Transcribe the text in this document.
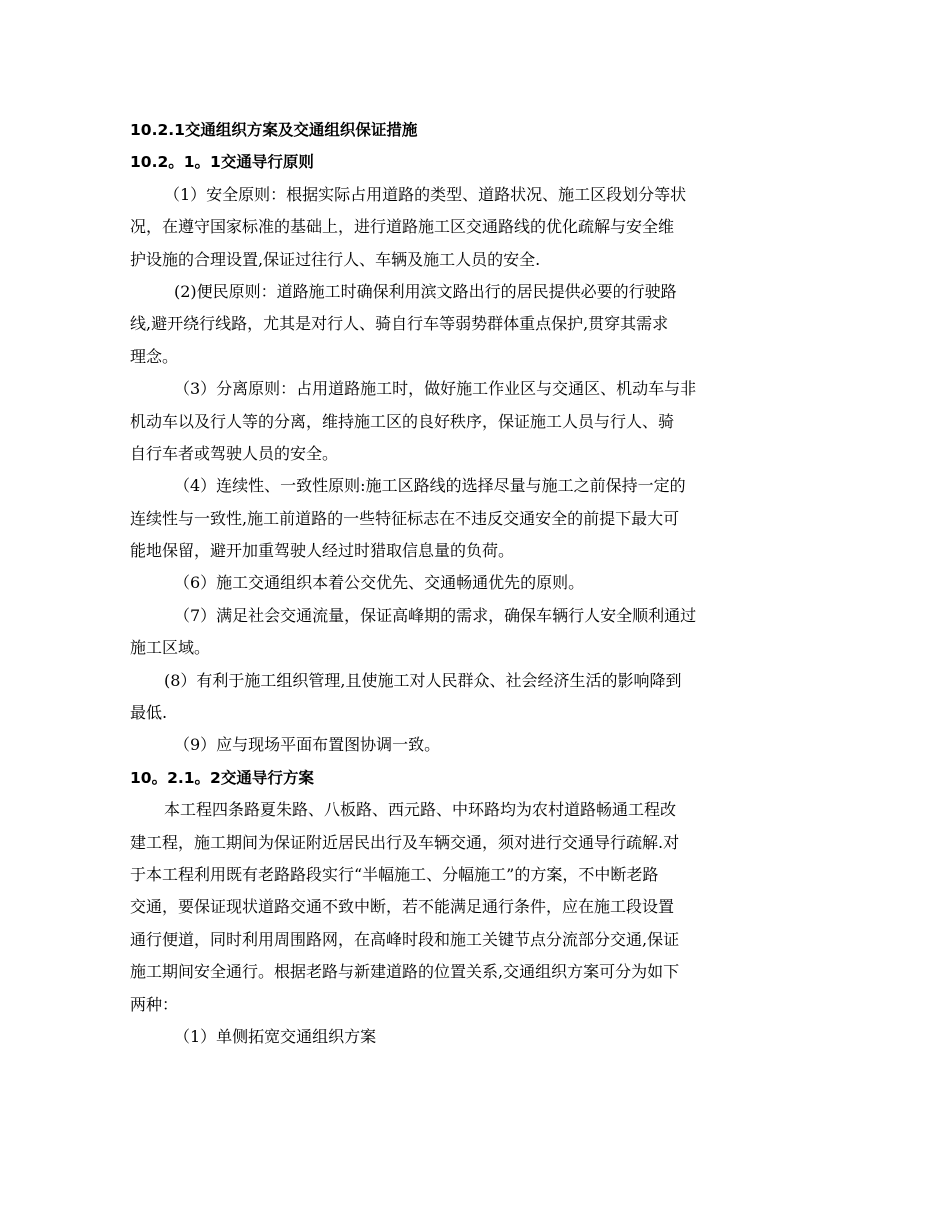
10.2.1交通组织方案及交通组织保证措施
10.2。1。1交通导行原则
（1）安全原则：根据实际占用道路的类型、道路状况、施工区段划分等状
况，在遵守国家标准的基础上，进行道路施工区交通路线的优化疏解与安全维
护设施的合理设置,保证过往行人、车辆及施工人员的安全.
(2)便民原则：道路施工时确保利用滨文路出行的居民提供必要的行驶路
线,避开绕行线路，尤其是对行人、骑自行车等弱势群体重点保护,贯穿其需求
理念。
（3）分离原则：占用道路施工时，做好施工作业区与交通区、机动车与非
机动车以及行人等的分离，维持施工区的良好秩序，保证施工人员与行人、骑
自行车者或驾驶人员的安全。
（4）连续性、一致性原则:施工区路线的选择尽量与施工之前保持一定的
连续性与一致性,施工前道路的一些特征标志在不违反交通安全的前提下最大可
能地保留，避开加重驾驶人经过时猎取信息量的负荷。
（6）施工交通组织本着公交优先、交通畅通优先的原则。
（7）满足社会交通流量，保证高峰期的需求，确保车辆行人安全顺利通过
施工区域。
(8）有利于施工组织管理,且使施工对人民群众、社会经济生活的影响降到
最低.
（9）应与现场平面布置图协调一致。
10。2.1。2交通导行方案
本工程四条路夏朱路、八板路、西元路、中环路均为农村道路畅通工程改
建工程，施工期间为保证附近居民出行及车辆交通，须对进行交通导行疏解.对
于本工程利用既有老路路段实行“半幅施工、分幅施工”的方案，不中断老路
交通，要保证现状道路交通不致中断，若不能满足通行条件，应在施工段设置
通行便道，同时利用周围路网，在高峰时段和施工关键节点分流部分交通,保证
施工期间安全通行。根据老路与新建道路的位置关系,交通组织方案可分为如下
两种：
（1）单侧拓宽交通组织方案
